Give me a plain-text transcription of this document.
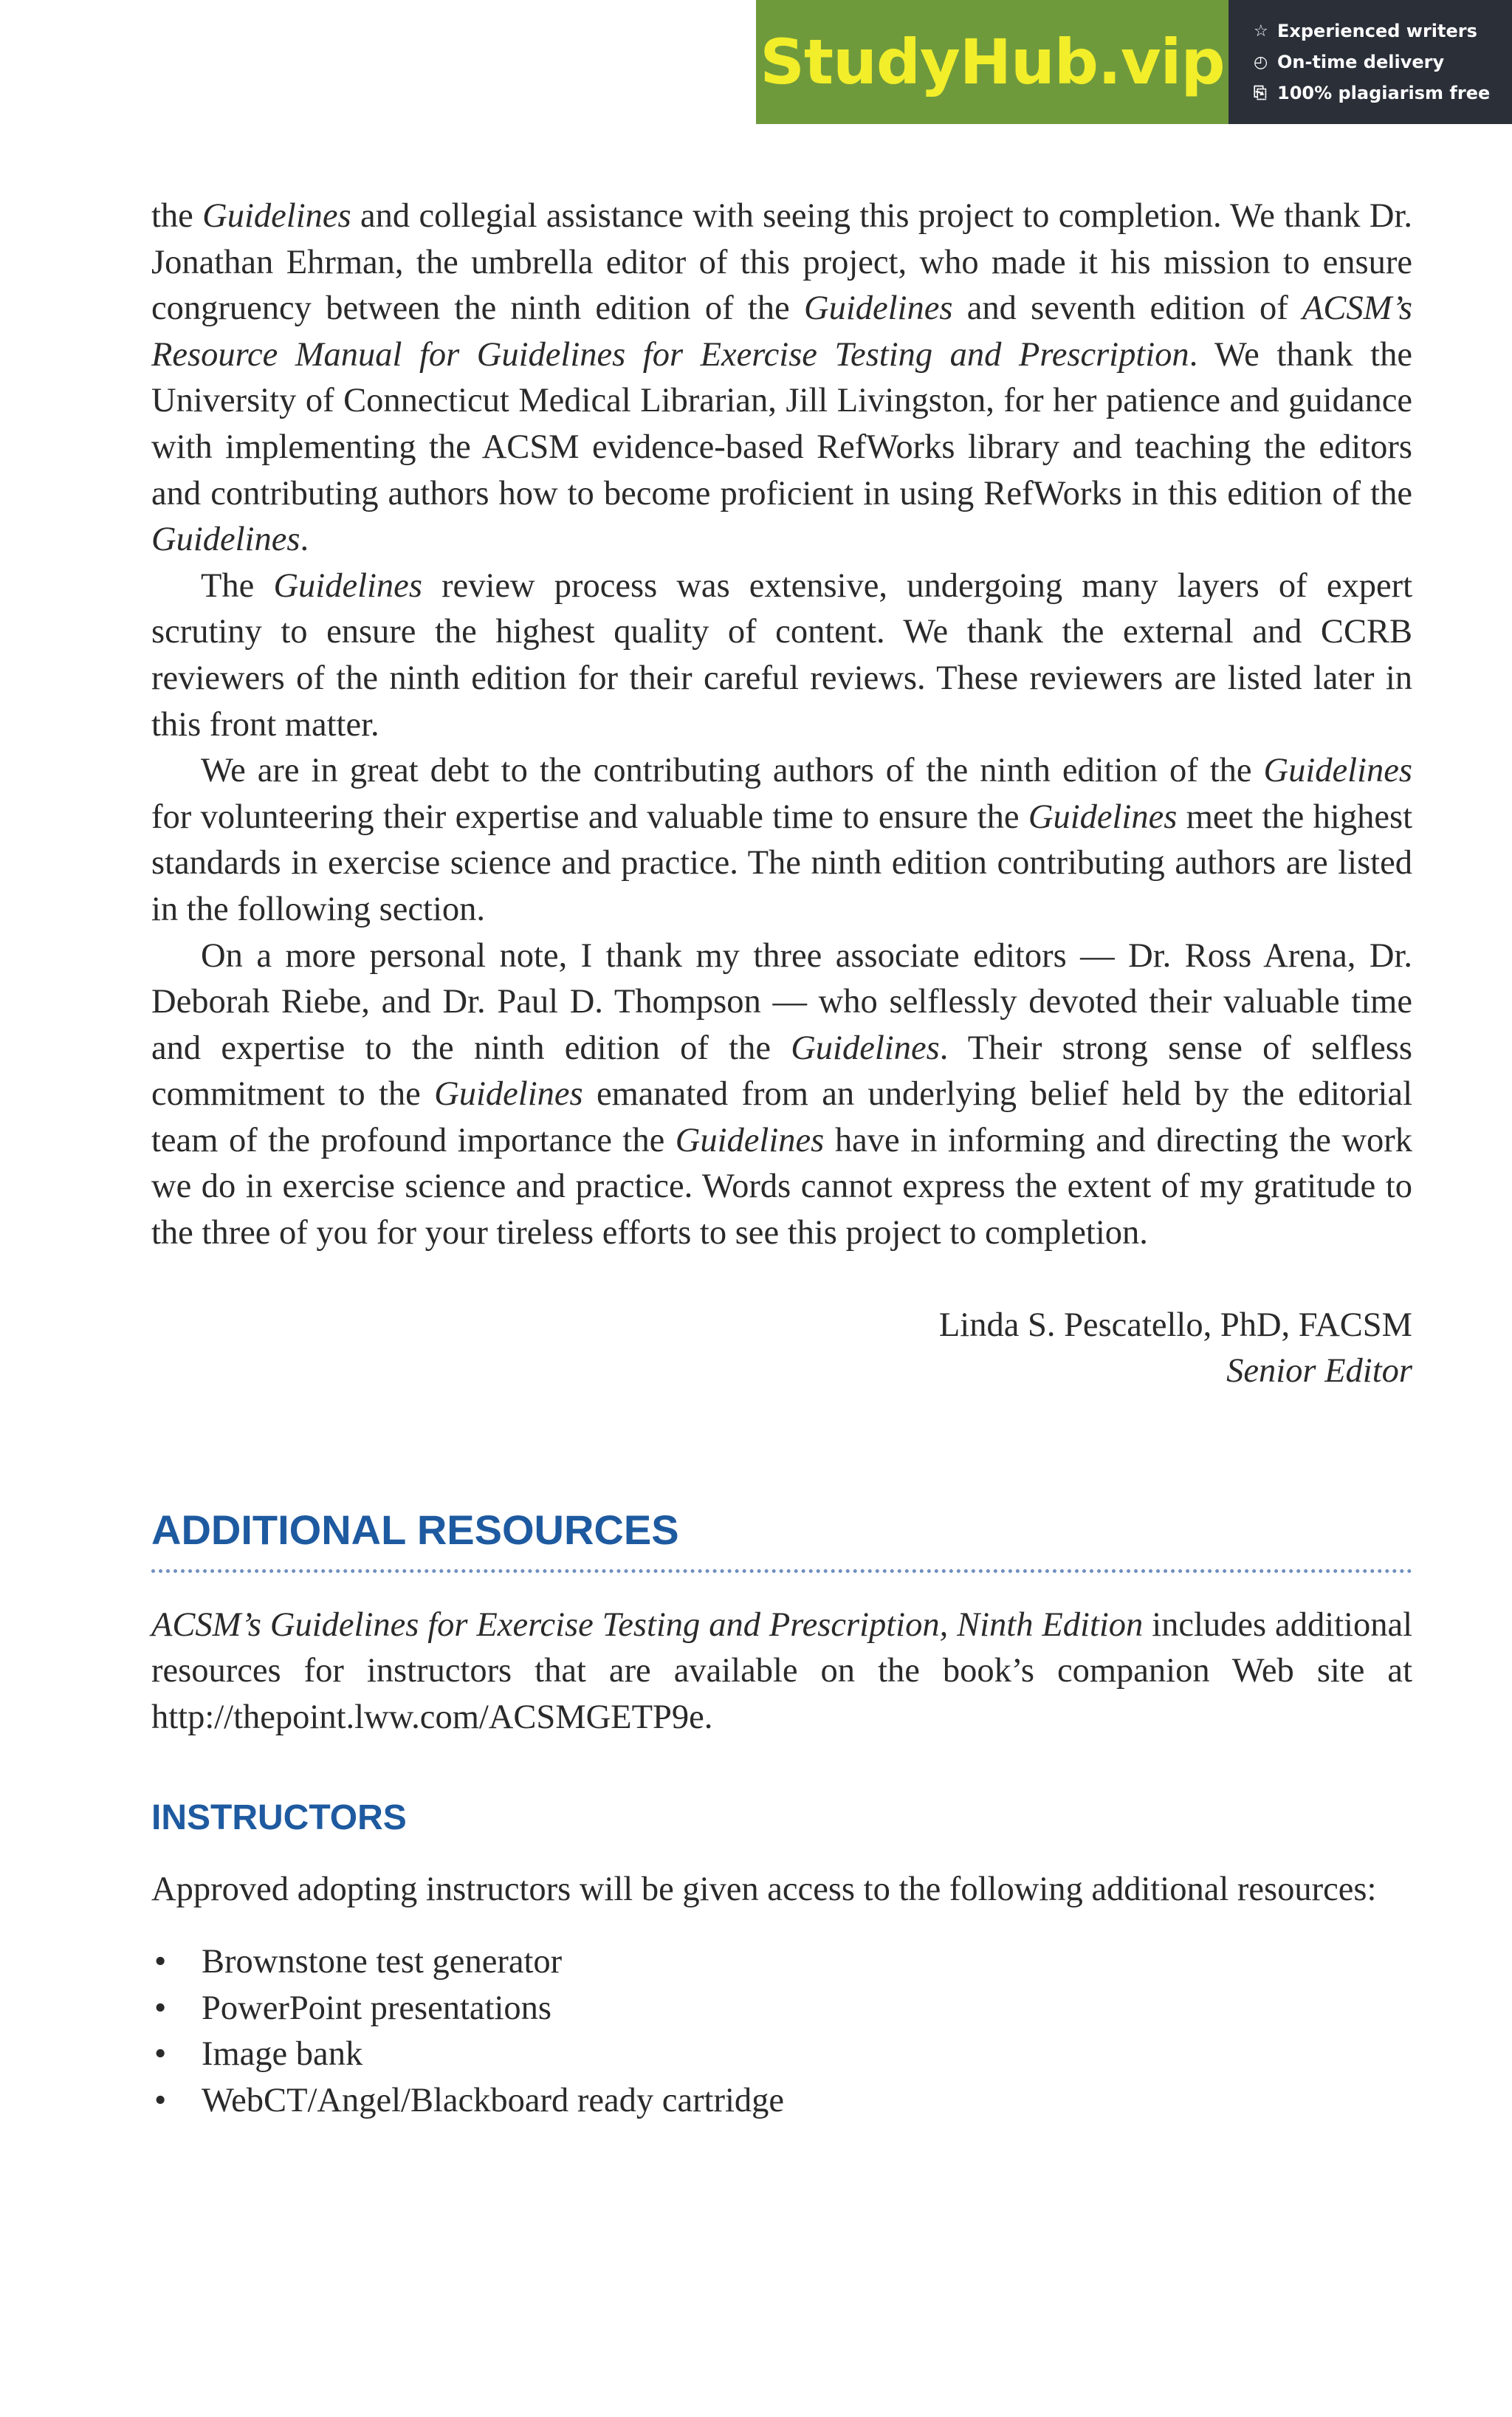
StudyHub.vip ☆ Experienced writers
◴ On-time delivery
⎘ 100% plagiarism free

the Guidelines and collegial assistance with seeing this project to completion. We thank Dr. Jonathan Ehrman, the umbrella editor of this project, who made it his mission to ensure congruency between the ninth edition of the Guidelines and seventh edition of ACSM’s Resource Manual for Guidelines for Exercise Testing and Prescription. We thank the University of Connecticut Medical Librarian, Jill Livingston, for her patience and guidance with implementing the ACSM evidence-based RefWorks library and teaching the editors and contributing authors how to become proficient in using RefWorks in this edition of the Guidelines.

The Guidelines review process was extensive, undergoing many layers of expert scrutiny to ensure the highest quality of content. We thank the external and CCRB reviewers of the ninth edition for their careful reviews. These reviewers are listed later in this front matter.

We are in great debt to the contributing authors of the ninth edition of the Guidelines for volunteering their expertise and valuable time to ensure the Guidelines meet the highest standards in exercise science and practice. The ninth edition contributing authors are listed in the following section.

On a more personal note, I thank my three associate editors — Dr. Ross Arena, Dr. Deborah Riebe, and Dr. Paul D. Thompson — who selflessly devoted their valuable time and expertise to the ninth edition of the Guidelines. Their strong sense of selfless commitment to the Guidelines emanated from an underlying belief held by the editorial team of the profound importance the Guidelines have in informing and directing the work we do in exercise science and practice. Words cannot express the extent of my gratitude to the three of you for your tireless efforts to see this project to completion.

Linda S. Pescatello, PhD, FACSM
Senior Editor
ADDITIONAL RESOURCES

ACSM’s Guidelines for Exercise Testing and Prescription, Ninth Edition includes additional resources for instructors that are available on the book’s companion Web site at http://thepoint.lww.com/ACSMGETP9e.

INSTRUCTORS

Approved adopting instructors will be given access to the following additional resources:

• Brownstone test generator
• PowerPoint presentations
• Image bank
• WebCT/Angel/Blackboard ready cartridge
